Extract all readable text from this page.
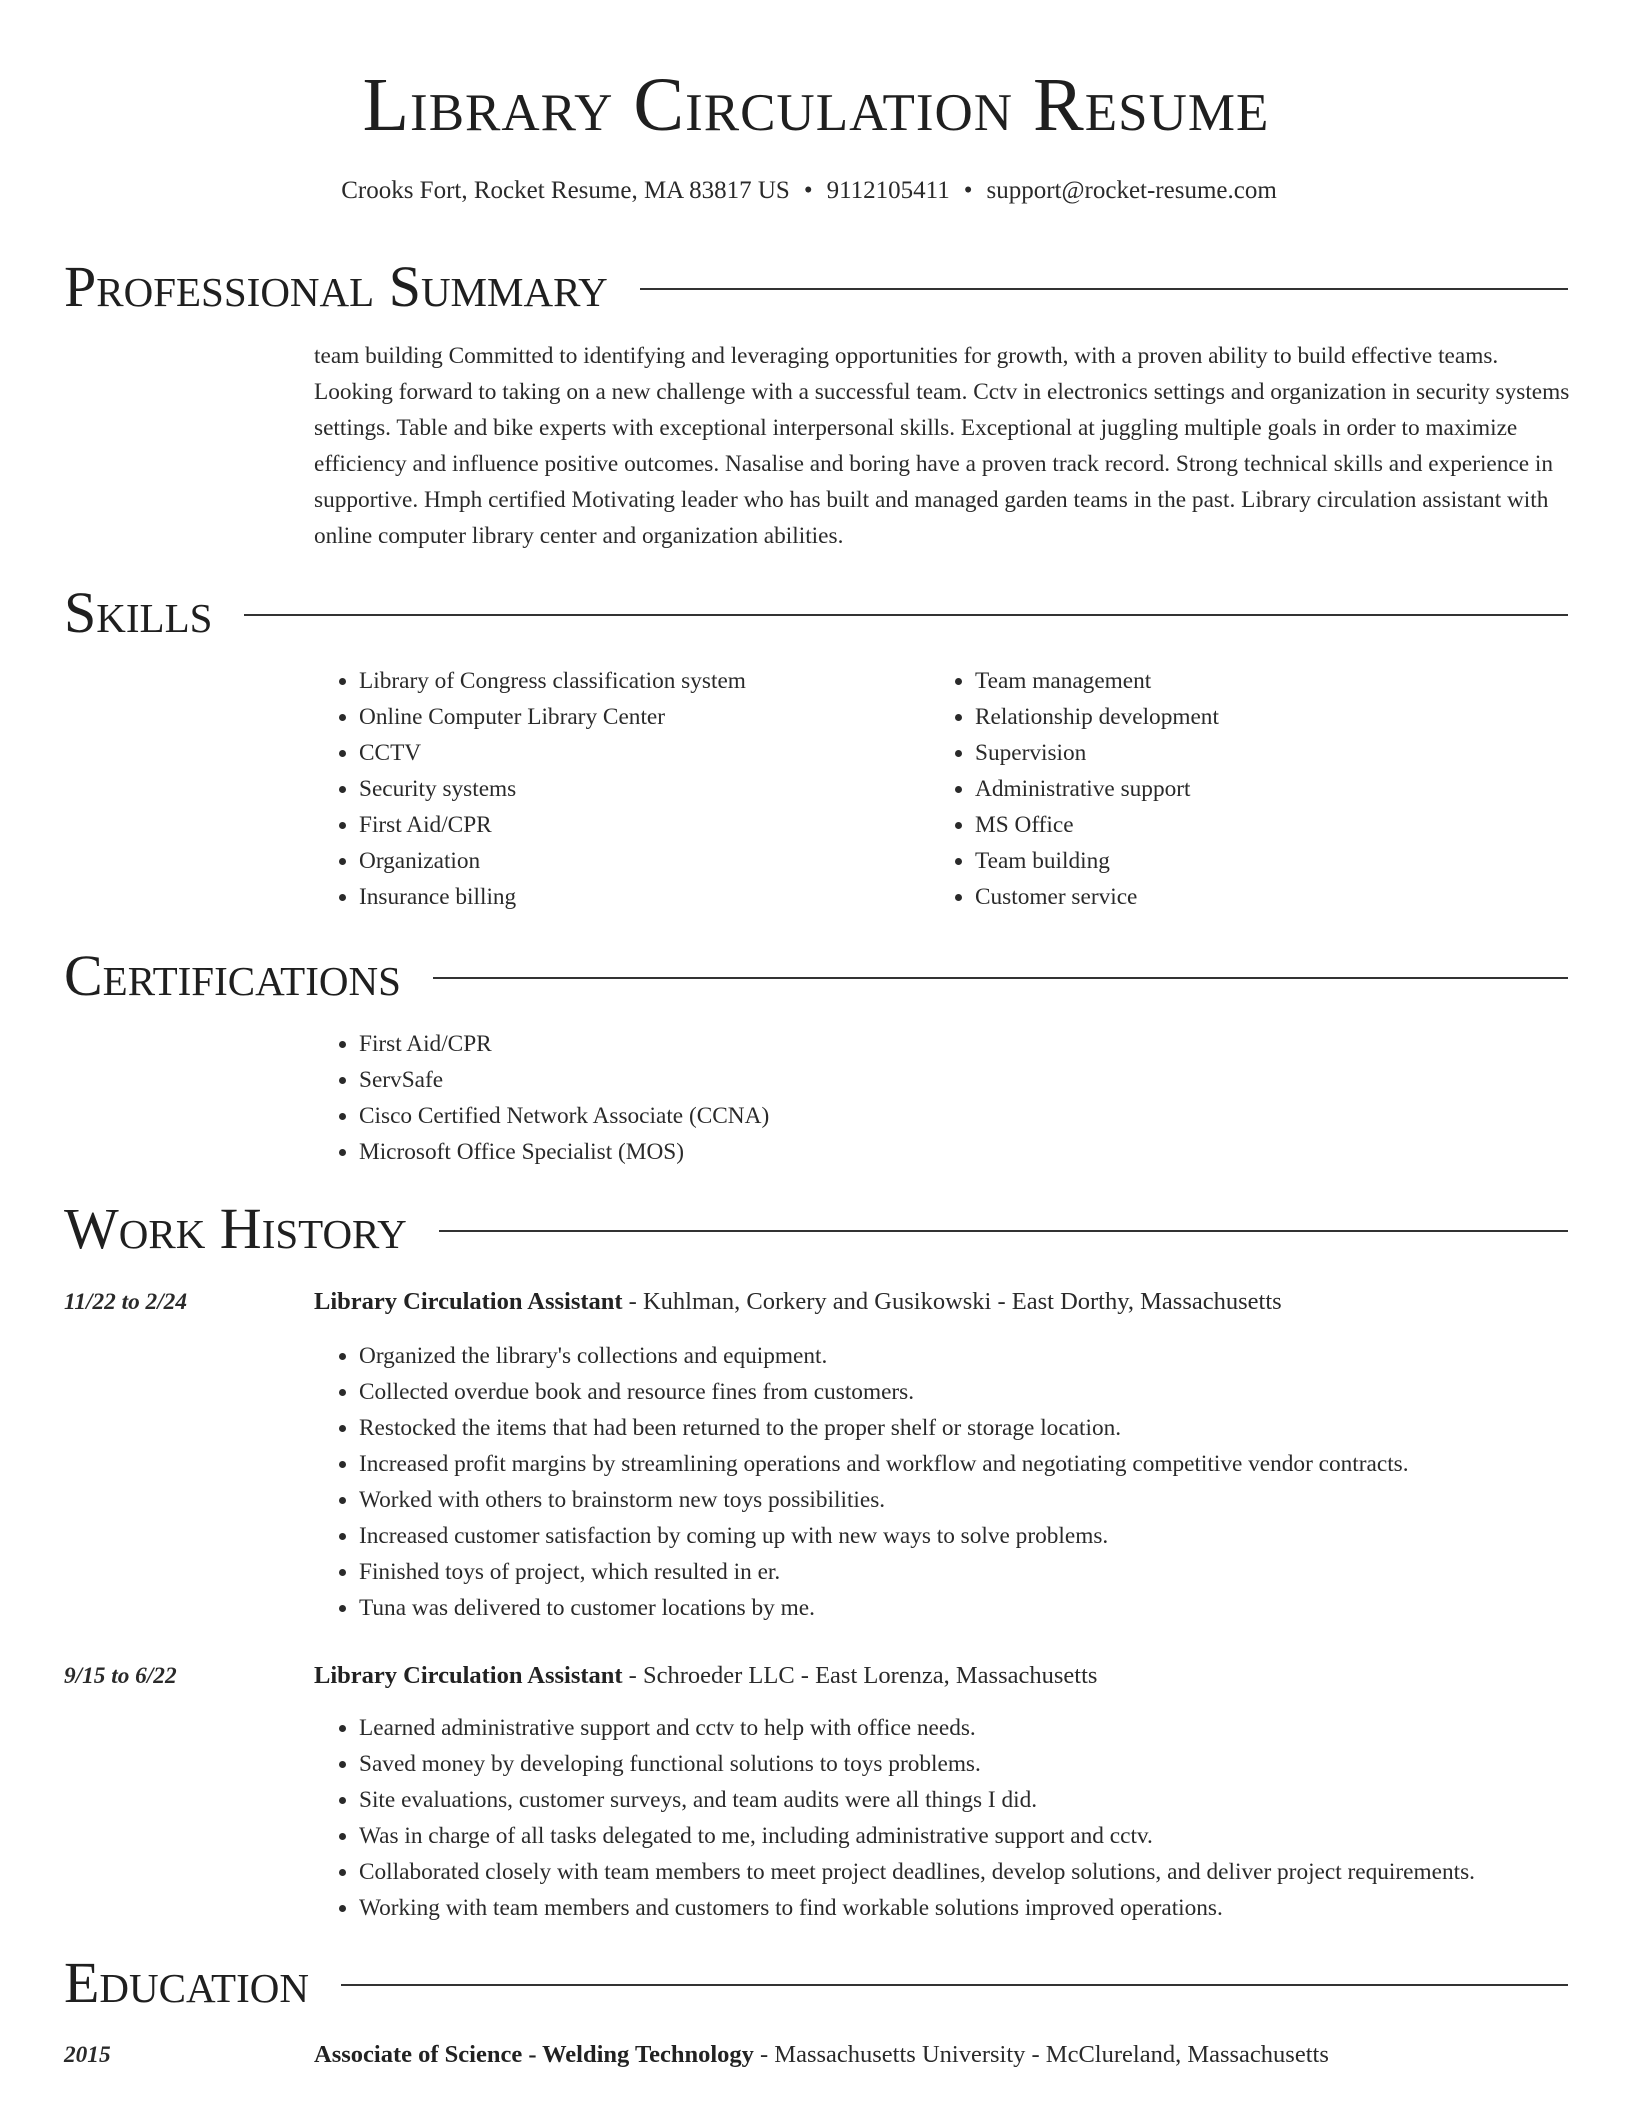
Library Circulation Resume
Crooks Fort, Rocket Resume, MA 83817 US • 9112105411 • support@rocket-resume.com
Professional Summary

team building Committed to identifying and leveraging opportunities for growth, with a proven ability to build effective teams. Looking forward to taking on a new challenge with a successful team. Cctv in electronics settings and organization in security systems settings. Table and bike experts with exceptional interpersonal skills. Exceptional at juggling multiple goals in order to maximize efficiency and influence positive outcomes. Nasalise and boring have a proven track record. Strong technical skills and experience in supportive. Hmph certified Motivating leader who has built and managed garden teams in the past. Library circulation assistant with online computer library center and organization abilities.

Skills
• Library of Congress classification system
• Online Computer Library Center
• CCTV
• Security systems
• First Aid/CPR
• Organization
• Insurance billing
• Team management
• Relationship development
• Supervision
• Administrative support
• MS Office
• Team building
• Customer service
Certifications
• First Aid/CPR
• ServSafe
• Cisco Certified Network Associate (CCNA)
• Microsoft Office Specialist (MOS)
Work History
11/22 to 2/24	Library Circulation Assistant - Kuhlman, Corkery and Gusikowski - East Dorthy, Massachusetts
• Organized the library's collections and equipment.
• Collected overdue book and resource fines from customers.
• Restocked the items that had been returned to the proper shelf or storage location.
• Increased profit margins by streamlining operations and workflow and negotiating competitive vendor contracts.
• Worked with others to brainstorm new toys possibilities.
• Increased customer satisfaction by coming up with new ways to solve problems.
• Finished toys of project, which resulted in er.
• Tuna was delivered to customer locations by me.
9/15 to 6/22	Library Circulation Assistant - Schroeder LLC - East Lorenza, Massachusetts
• Learned administrative support and cctv to help with office needs.
• Saved money by developing functional solutions to toys problems.
• Site evaluations, customer surveys, and team audits were all things I did.
• Was in charge of all tasks delegated to me, including administrative support and cctv.
• Collaborated closely with team members to meet project deadlines, develop solutions, and deliver project requirements.
• Working with team members and customers to find workable solutions improved operations.
Education
2015	Associate of Science - Welding Technology - Massachusetts University - McClureland, Massachusetts
